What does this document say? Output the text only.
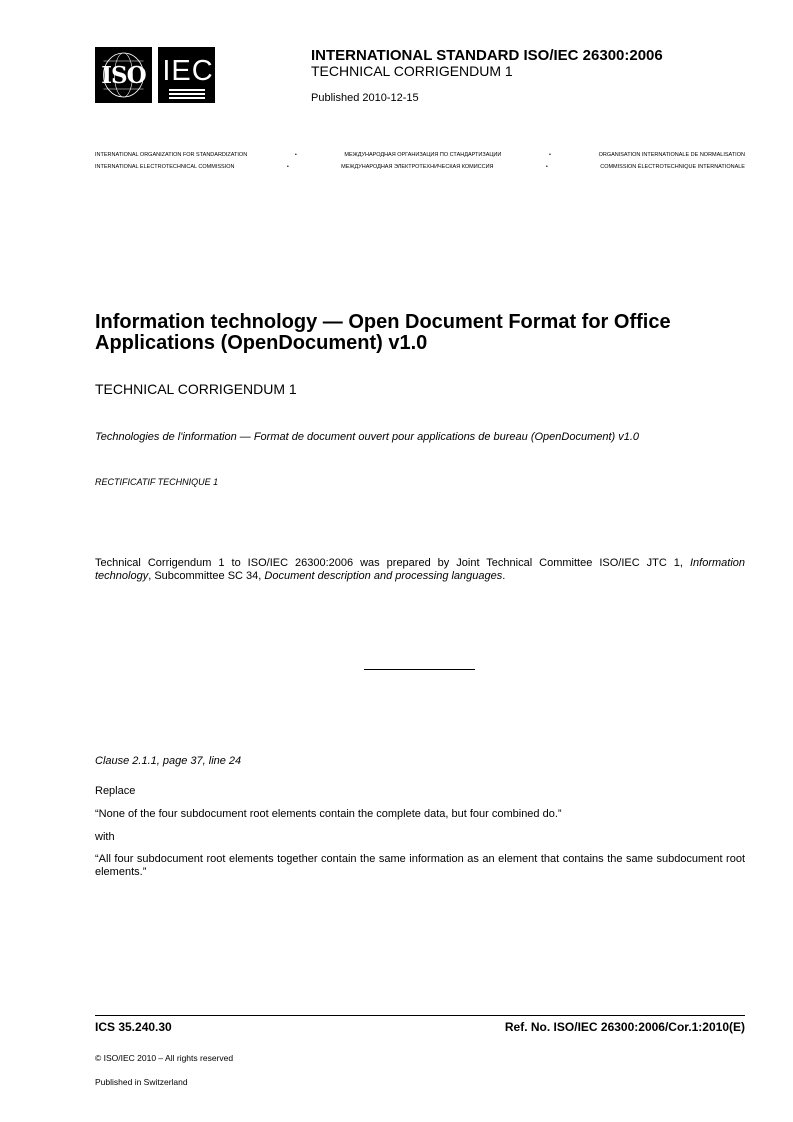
ISO IEC	INTERNATIONAL STANDARD ISO/IEC 26300:2006
TECHNICAL CORRIGENDUM 1
Published 2010-12-15
INTERNATIONAL ORGANIZATION FOR STANDARDIZATION	•	МЕЖДУНАРОДНАЯ ОРГАНИЗАЦИЯ ПО СТАНДАРТИЗАЦИИ	•	ORGANISATION INTERNATIONALE DE NORMALISATION
INTERNATIONAL ELECTROTECHNICAL COMMISSION	•	МЕЖДУНАРОДНАЯ ЭЛЕКТРОТЕХНИЧЕСКАЯ КОМИССИЯ	•	COMMISSION ÉLECTROTECHNIQUE INTERNATIONALE
Information technology — Open Document Format for Office Applications (OpenDocument) v1.0
TECHNICAL CORRIGENDUM 1
Technologies de l'information — Format de document ouvert pour applications de bureau (OpenDocument) v1.0
RECTIFICATIF TECHNIQUE 1
Technical Corrigendum 1 to ISO/IEC 26300:2006 was prepared by Joint Technical Committee ISO/IEC JTC 1, Information technology, Subcommittee SC 34, Document description and processing languages.
Clause 2.1.1, page 37, line 24
Replace
“None of the four subdocument root elements contain the complete data, but four combined do.”
with
“All four subdocument root elements together contain the same information as an element that contains the same subdocument root elements.”
ICS 35.240.30	Ref. No. ISO/IEC 26300:2006/Cor.1:2010(E)
© ISO/IEC 2010 – All rights reserved
Published in Switzerland
